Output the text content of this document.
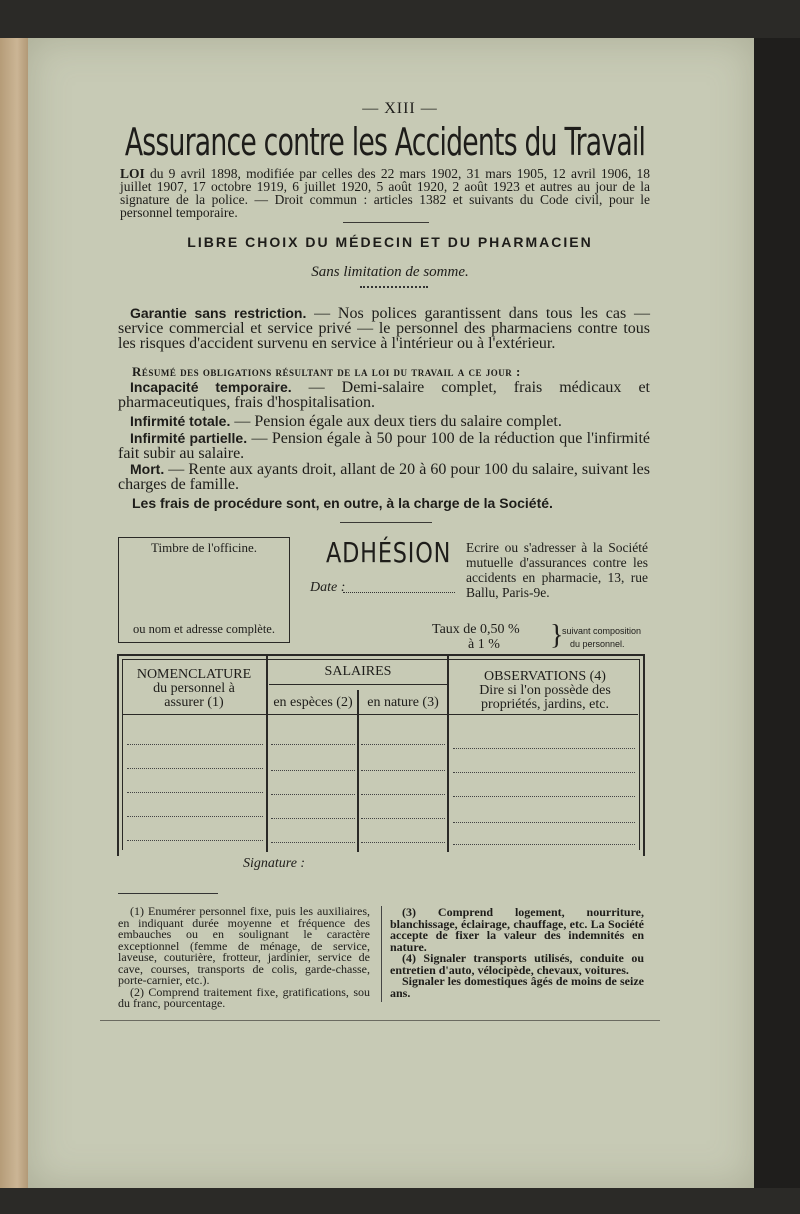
— XIII —
Assurance contre les Accidents du Travail
LOI du 9 avril 1898, modifiée par celles des 22 mars 1902, 31 mars 1905, 12 avril 1906, 18 juillet 1907, 17 octobre 1919, 6 juillet 1920, 5 août 1920, 2 août 1923 et autres au jour de la signature de la police. — Droit commun : articles 1382 et suivants du Code civil, pour le personnel temporaire.
LIBRE CHOIX DU MÉDECIN ET DU PHARMACIEN
Sans limitation de somme.
Garantie sans restriction. — Nos polices garantissent dans tous les cas — service commercial et service privé — le personnel des pharmaciens contre tous les risques d'accident survenu en service à l'intérieur ou à l'extérieur.
Résumé des obligations résultant de la loi du travail a ce jour :
Incapacité temporaire. — Demi-salaire complet, frais médicaux et pharmaceutiques, frais d'hospitalisation.
Infirmité totale. — Pension égale aux deux tiers du salaire complet.
Infirmité partielle. — Pension égale à 50 pour 100 de la réduction que l'infirmité fait subir au salaire.
Mort. — Rente aux ayants droit, allant de 20 à 60 pour 100 du salaire, suivant les charges de famille.
Les frais de procédure sont, en outre, à la charge de la Société.
Timbre de l'officine.
ou nom et adresse complète.
ADHÉSION
Date :
Ecrire ou s'adresser à la Société mutuelle d'assurances contre les accidents en pharmacie, 13, rue Ballu, Paris-9e.
Taux de 0,50 %
à 1 % }
suivant composition
du personnel.
NOMENCLATURE
du personnel à assurer (1)
SALAIRES
en espèces (2)	en nature (3)
OBSERVATIONS (4)
Dire si l'on possède des propriétés, jardins, etc.
Signature :
(1) Enumérer personnel fixe, puis les auxiliaires, en indiquant durée moyenne et fréquence des embauches ou en soulignant le caractère exceptionnel (femme de ménage, de service, laveuse, couturière, frotteur, jardinier, service de cave, courses, transports de colis, garde-chasse, porte-carnier, etc.).
(2) Comprend traitement fixe, gratifications, sou du franc, pourcentage.
(3) Comprend logement, nourriture, blanchissage, éclairage, chauffage, etc. La Société accepte de fixer la valeur des indemnités en nature.
(4) Signaler transports utilisés, conduite ou entretien d'auto, vélocipède, chevaux, voitures.
Signaler les domestiques âgés de moins de seize ans.
